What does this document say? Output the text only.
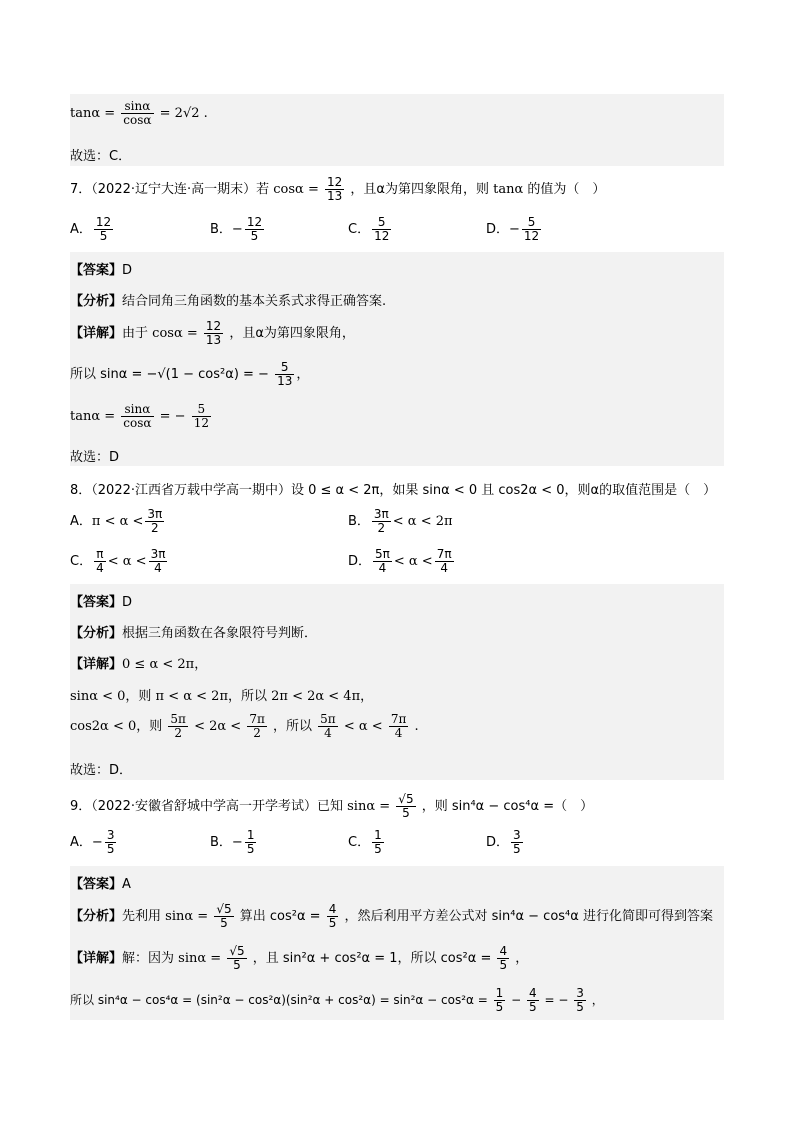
$\tan\alpha = \frac{\sin\alpha}{\cos\alpha} = 2√2$ .
故选：C．
7．（2022·辽宁大连·高一期末）若 $\cos\alpha = \frac{12}{13}$ ，且α为第四象限角，则 tanα 的值为（　）
A． $\frac{12}{5}$	B．− $\frac{12}{5}$	C． $\frac{5}{12}$	D．− $\frac{5}{12}$
【答案】D
【分析】结合同角三角函数的基本关系式求得正确答案.
【详解】由于 $\cos\alpha = \frac{12}{13}$ ，且α为第四象限角，
所以 sinα = −√(1 − cos²α) = − $\frac{5}{13}$ ，
$\tan\alpha = \frac{\sin\alpha}{\cos\alpha}$ = − $\frac{5}{12}$
故选：D
8．（2022·江西省万载中学高一期中）设 0 ≤ α < 2π，如果 sinα < 0 且 cos2α < 0，则α的取值范围是（　）
A．$\pi < \alpha < \frac{3\pi}{2}$	B． $\frac{3\pi}{2} < \alpha < 2\pi$
C． $\frac{\pi}{4} < \alpha < \frac{3\pi}{4}$	D． $\frac{5\pi}{4} < \alpha < \frac{7\pi}{4}$
【答案】D
【分析】根据三角函数在各象限符号判断．
【详解】0 ≤ α < 2π，
sinα < 0，则 π < α < 2π，所以 2π < 2α < 4π，
cos2α < 0，则 $\frac{5\pi}{2} < 2\alpha < \frac{7\pi}{2}$ ，所以 $\frac{5\pi}{4} < \alpha < \frac{7\pi}{4}$ .
故选：D．
9．（2022·安徽省舒城中学高一开学考试）已知 $\sin\alpha = \frac{√5}{5}$ ，则 sin⁴α − cos⁴α =（　）
A．− $\frac{3}{5}$	B．− $\frac{1}{5}$	C． $\frac{1}{5}$	D． $\frac{3}{5}$
【答案】A
【分析】先利用 $\sin\alpha = \frac{√5}{5}$ 算出 $\cos^2\alpha = \frac{4}{5}$ ，然后利用平方差公式对 sin⁴α − cos⁴α 进行化简即可得到答案
【详解】解：因为 $\sin\alpha = \frac{√5}{5}$ ，且 sin²α + cos²α = 1，所以 $\cos^2\alpha = \frac{4}{5}$ ，
所以 $\sin^4\alpha - \cos^4\alpha = (\sin^2\alpha - \cos^2\alpha)(\sin^2\alpha + \cos^2\alpha) = \sin^2\alpha - \cos^2\alpha = \frac{1}{5} - \frac{4}{5}$ = − $\frac{3}{5}$ ，
